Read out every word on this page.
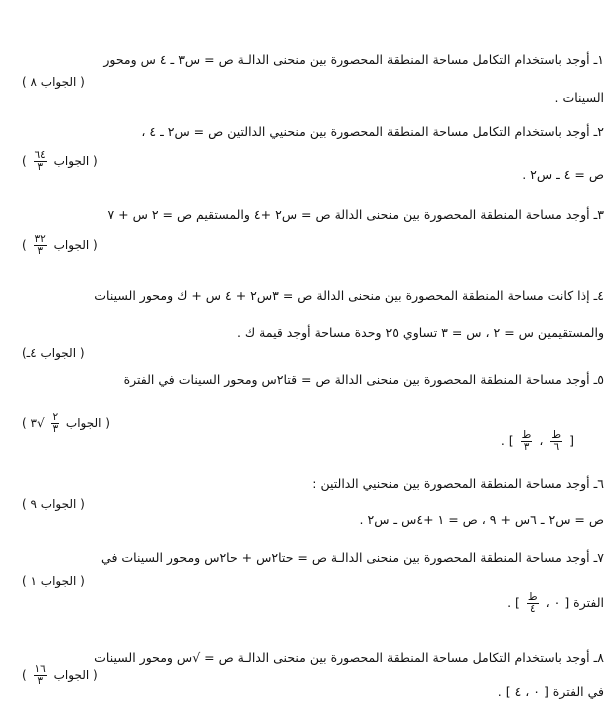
١ـ أوجد باستخدام التكامل مساحة المنطقة المحصورة بين منحنى الدالـة ص = س٣ ـ ٤ س ومحور
( الجواب ٨ )
السينات .
٢ـ أوجد باستخدام التكامل مساحة المنطقة المحصورة بين منحنيي الدالتين ص = س٢ ـ ٤ ،
( الجواب
$\frac{٦٤}{٣}$
)
ص = ٤ ـ س٢ .
٣ـ أوجد مساحة المنطقة المحصورة بين منحنى الدالة ص = س٢ +٤ والمستقيم ص = ٢ س + ٧
( الجواب
$\frac{٣٢}{٣}$
)
٤ـ إذا كانت مساحة المنطقة المحصورة بين منحنى الدالة ص = ٣س٢ + ٤ س + ك ومحور السينات
والمستقيمين س = ٢ ، س = ٣ تساوي ٢٥ وحدة مساحة أوجد قيمة ك .
( الجواب ٤ـ)
٥ـ أوجد مساحة المنطقة المحصورة بين منحنى الدالة ص = قتا٢س ومحور السينات في الفترة
( الجواب
$\frac{٢}{٣}$
√٣ )
. [ $\frac{\text{ط}}{٣}$ ، $\frac{\text{ط}}{٦}$ ]
٦ـ أوجد مساحة المنطقة المحصورة بين منحنيي الدالتين :
( الجواب ٩ )
ص = س٢ ـ ٦س + ٩ ، ص = ١ +٤س ـ س٢ .
٧ـ أوجد مساحة المنطقة المحصورة بين منحنى الدالـة ص = حتا٢س + حا٢س ومحور السينات في
( الجواب ١ )
الفترة [ ٠ ،
$\frac{\text{ط}}{٤}$
] .
٨ـ أوجد باستخدام التكامل مساحة المنطقة المحصورة بين منحنى الدالـة ص = √س ومحور السينات
( الجواب
$\frac{١٦}{٣}$
)
في الفترة [ ٠ ، ٤ ] .
